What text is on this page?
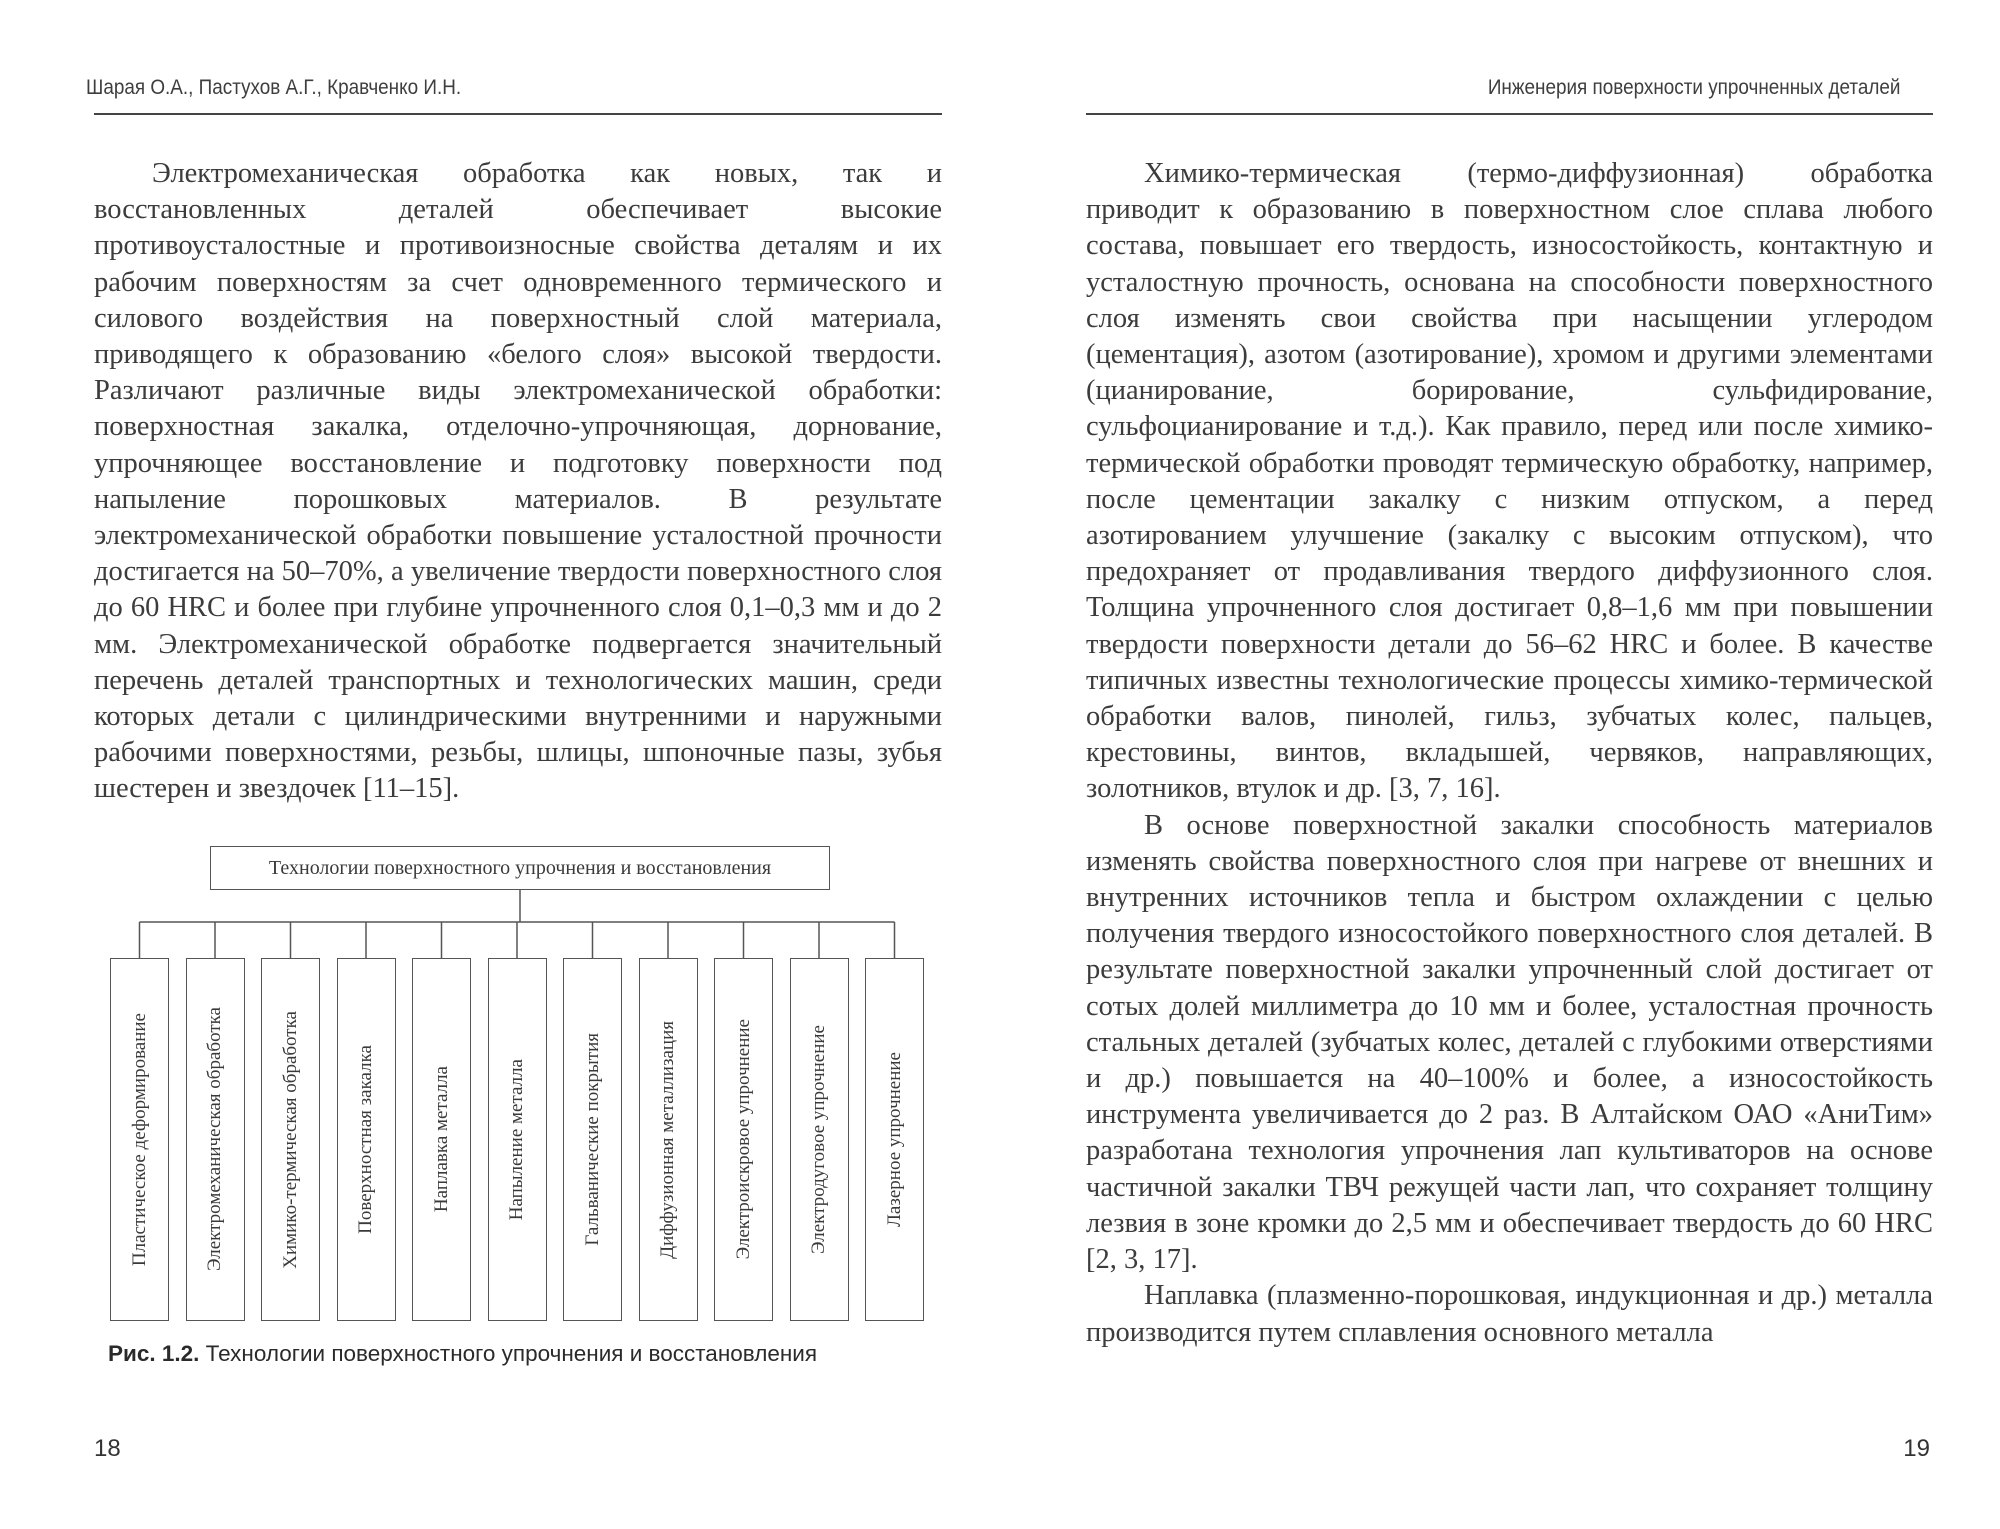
Шарая О.А., Пастухов А.Г., Кравченко И.Н.

Электромеханическая обработка как новых, так и восстановленных деталей обеспечивает высокие противоусталостные и противоизносные свойства деталям и их рабочим поверхностям за счет одновременного термического и силового воздействия на поверхностный слой материала, приводящего к образованию «белого слоя» высокой твердости. Различают различные виды электромеханической обработки: поверхностная закалка, отделочно-упрочняющая, дорнование, упрочняющее восстановление и подготовку поверхности под напыление порошковых материалов. В результате электромеханической обработки повышение усталостной прочности достигается на 50–70%, а увеличение твердости поверхностного слоя до 60 HRC и более при глубине упрочненного слоя 0,1–0,3 мм и до 2 мм. Электромеханической обработке подвергается значительный перечень деталей транспортных и технологических машин, среди которых детали с цилиндрическими внутренними и наружными рабочими поверхностями, резьбы, шлицы, шпоночные пазы, зубья шестерен и звездочек [11–15].

Технологии поверхностного упрочнения и восстановления
Пластическое деформирование	Электромеханическая обработка	Химико-термическая обработка	Поверхностная закалка	Наплавка металла	Напыление металла	Гальванические покрытия	Диффузионная металлизация	Электроискровое упрочнение	Электродуговое упрочнение	Лазерное упрочнение
Рис. 1.2. Технологии поверхностного упрочнения и восстановления
18
Инженерия поверхности упрочненных деталей

Химико-термическая (термо-диффузионная) обработка приводит к образованию в поверхностном слое сплава любого состава, повышает его твердость, износостойкость, контактную и усталостную прочность, основана на способности поверхностного слоя изменять свои свойства при насыщении углеродом (цементация), азотом (азотирование), хромом и другими элементами (цианирование, борирование, сульфидирование, сульфоцианирование и т.д.). Как правило, перед или после химико-термической обработки проводят термическую обработку, например, после цементации закалку с низким отпуском, а перед азотированием улучшение (закалку с высоким отпуском), что предохраняет от продавливания твердого диффузионного слоя. Толщина упрочненного слоя достигает 0,8–1,6 мм при повышении твердости поверхности детали до 56–62 HRC и более. В качестве типичных известны технологические процессы химико-термической обработки валов, пинолей, гильз, зубчатых колес, пальцев, крестовины, винтов, вкладышей, червяков, направляющих, золотников, втулок и др. [3, 7, 16].

В основе поверхностной закалки способность материалов изменять свойства поверхностного слоя при нагреве от внешних и внутренних источников тепла и быстром охлаждении с целью получения твердого износостойкого поверхностного слоя деталей. В результате поверхностной закалки упрочненный слой достигает от сотых долей миллиметра до 10 мм и более, усталостная прочность стальных деталей (зубчатых колес, деталей с глубокими отверстиями и др.) повышается на 40–100% и более, а износостойкость инструмента увеличивается до 2 раз. В Алтайском ОАО «АниТим» разработана технология упрочнения лап культиваторов на основе частичной закалки ТВЧ режущей части лап, что сохраняет толщину лезвия в зоне кромки до 2,5 мм и обеспечивает твердость до 60 HRC [2, 3, 17].

Наплавка (плазменно-порошковая, индукционная и др.) металла производится путем сплавления основного металла

19
